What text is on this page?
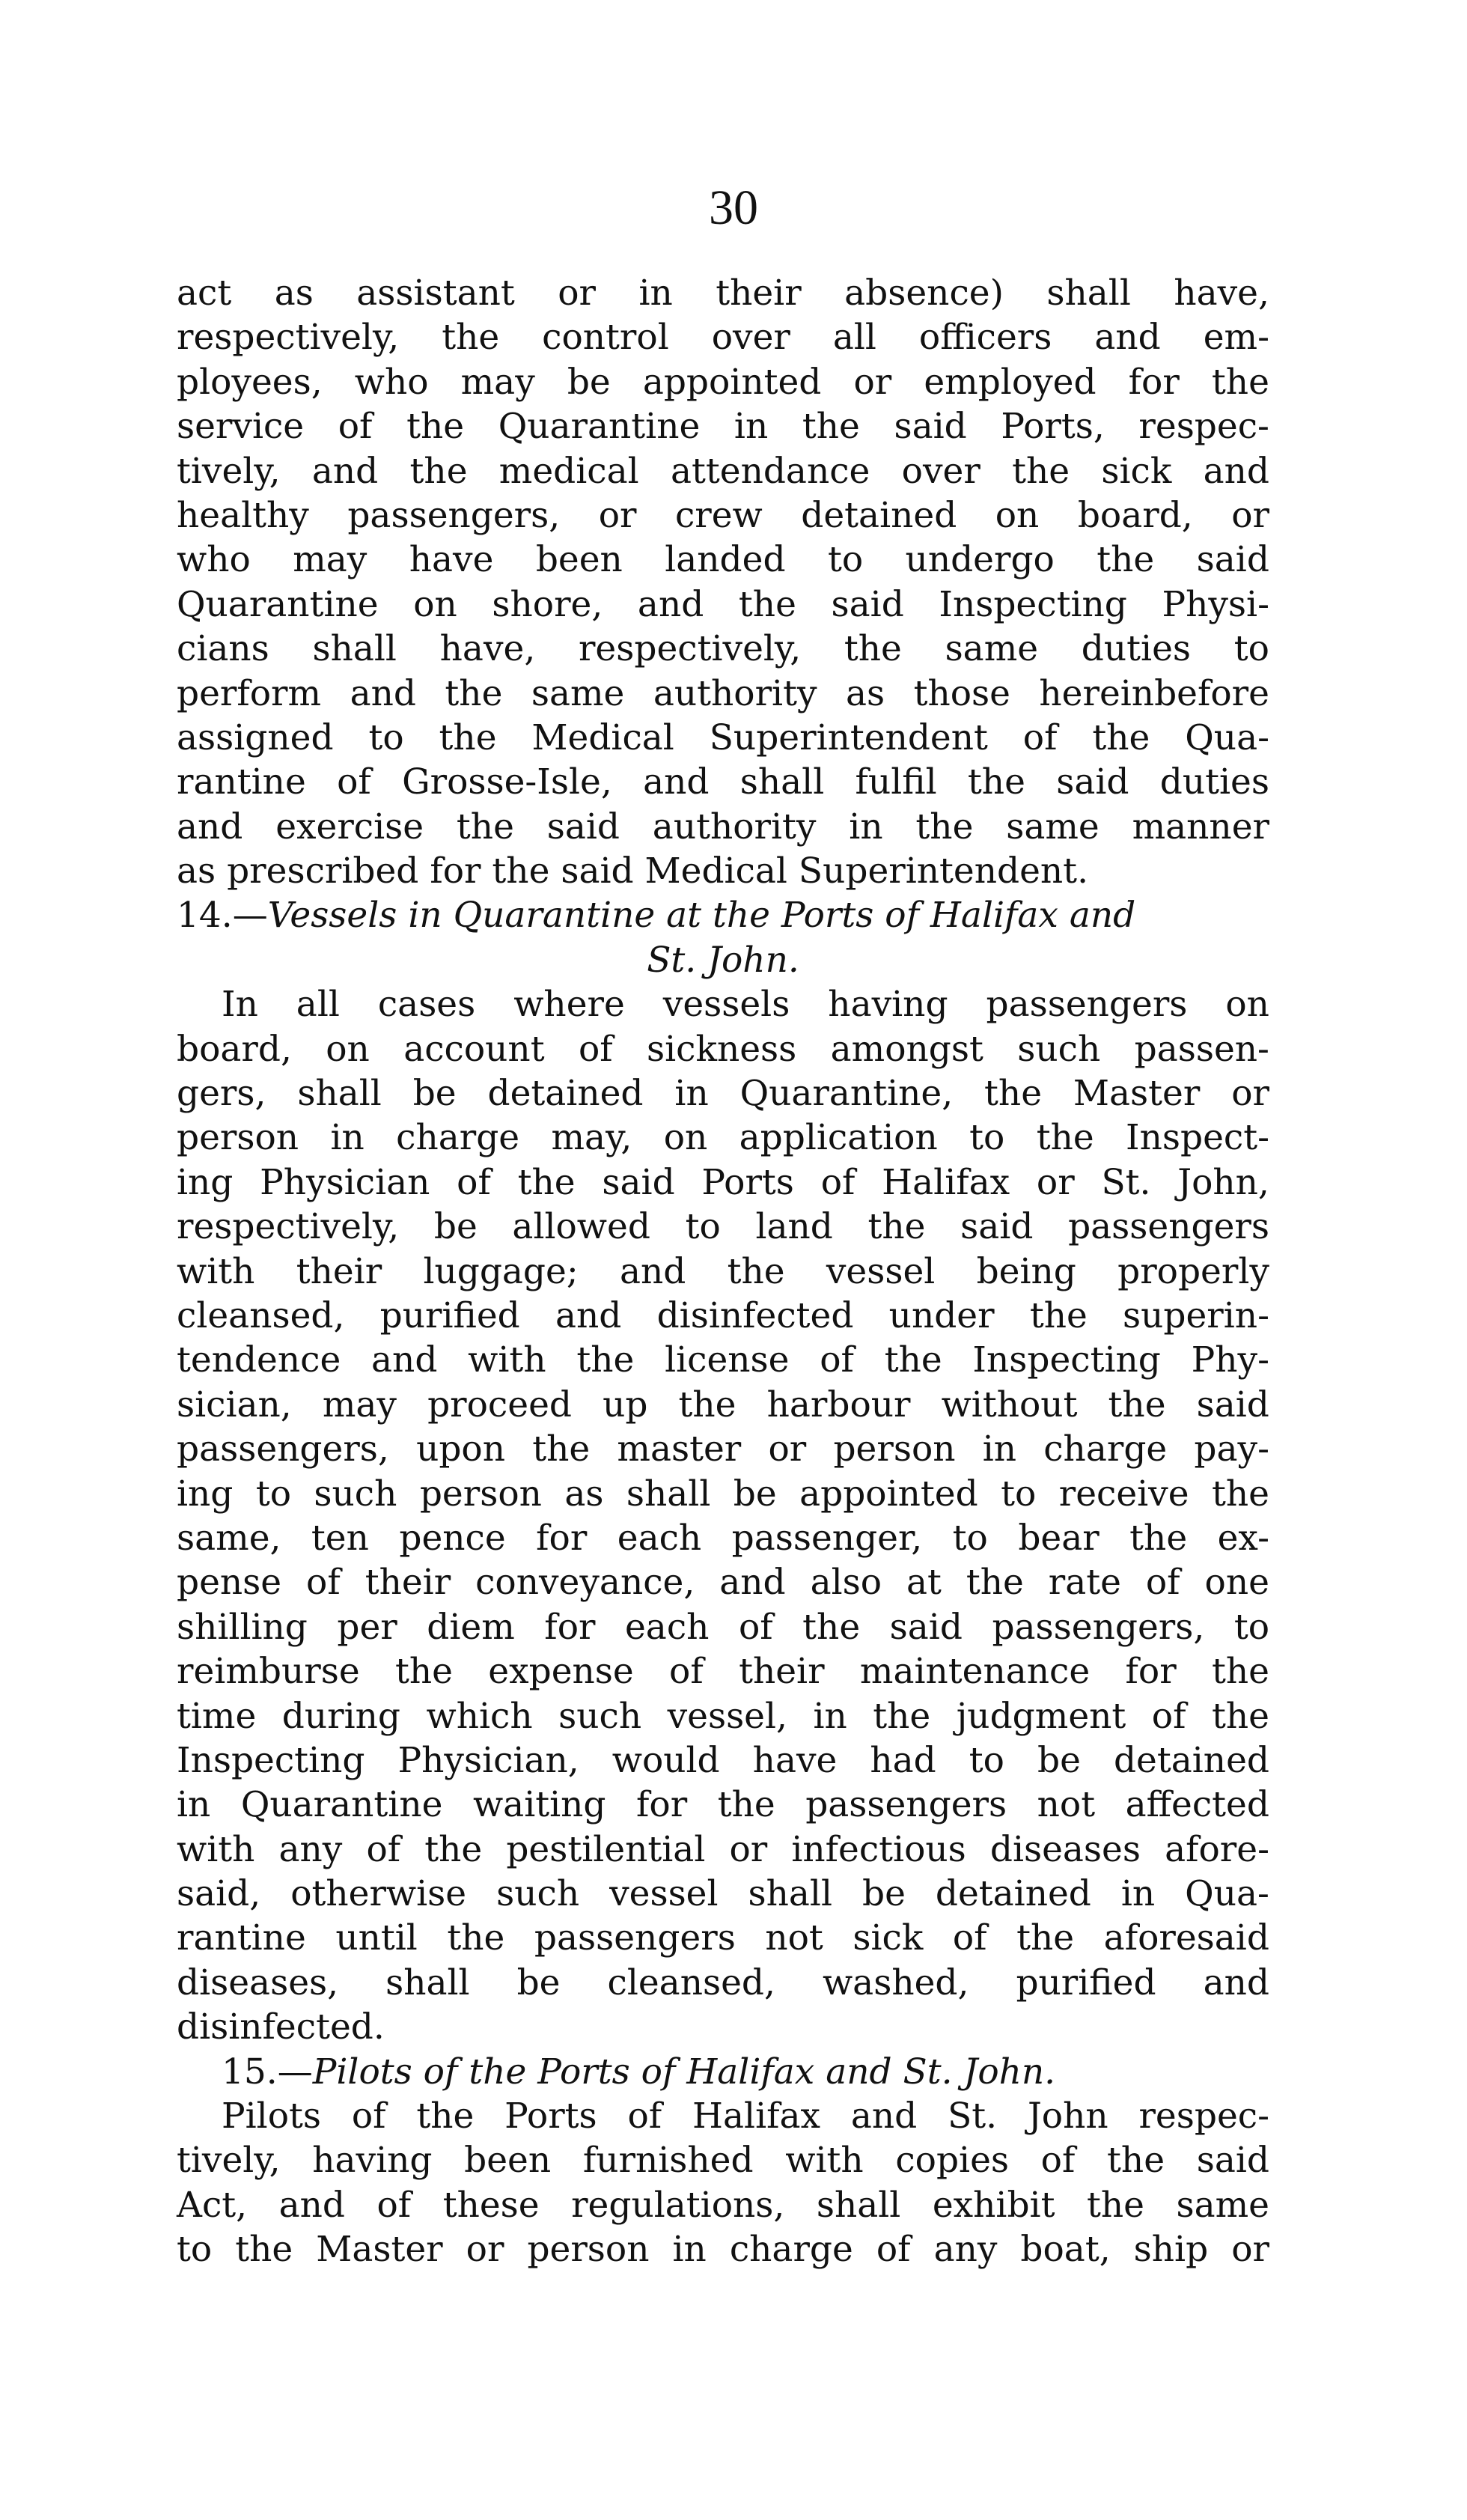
30
act as assistant or in their absence) shall have,
respectively, the control over all officers and em-
ployees, who may be appointed or employed for the
service of the Quarantine in the said Ports, respec-
tively, and the medical attendance over the sick and
healthy passengers, or crew detained on board, or
who may have been landed to undergo the said
Quarantine on shore, and the said Inspecting Physi-
cians shall have, respectively, the same duties to
perform and the same authority as those hereinbefore
assigned to the Medical Superintendent of the Qua-
rantine of Grosse-Isle, and shall fulfil the said duties
and exercise the said authority in the same manner
as prescribed for the said Medical Superintendent.
14.— Vessels in Quarantine at the Ports of Halifax and
St. John.
In all cases where vessels having passengers on
board, on account of sickness amongst such passen-
gers, shall be detained in Quarantine, the Master or
person in charge may, on application to the Inspect-
ing Physician of the said Ports of Halifax or St. John,
respectively, be allowed to land the said passengers
with their luggage; and the vessel being properly
cleansed, purified and disinfected under the superin-
tendence and with the license of the Inspecting Phy-
sician, may proceed up the harbour without the said
passengers, upon the master or person in charge pay-
ing to such person as shall be appointed to receive the
same, ten pence for each passenger, to bear the ex-
pense of their conveyance, and also at the rate of one
shilling per diem for each of the said passengers, to
reimburse the expense of their maintenance for the
time during which such vessel, in the judgment of the
Inspecting Physician, would have had to be detained
in Quarantine waiting for the passengers not affected
with any of the pestilential or infectious diseases afore-
said, otherwise such vessel shall be detained in Qua-
rantine until the passengers not sick of the aforesaid
diseases, shall be cleansed, washed, purified and
disinfected.
15.— Pilots of the Ports of Halifax and St. John.
Pilots of the Ports of Halifax and St. John respec-
tively, having been furnished with copies of the said
Act, and of these regulations, shall exhibit the same
to the Master or person in charge of any boat, ship or
